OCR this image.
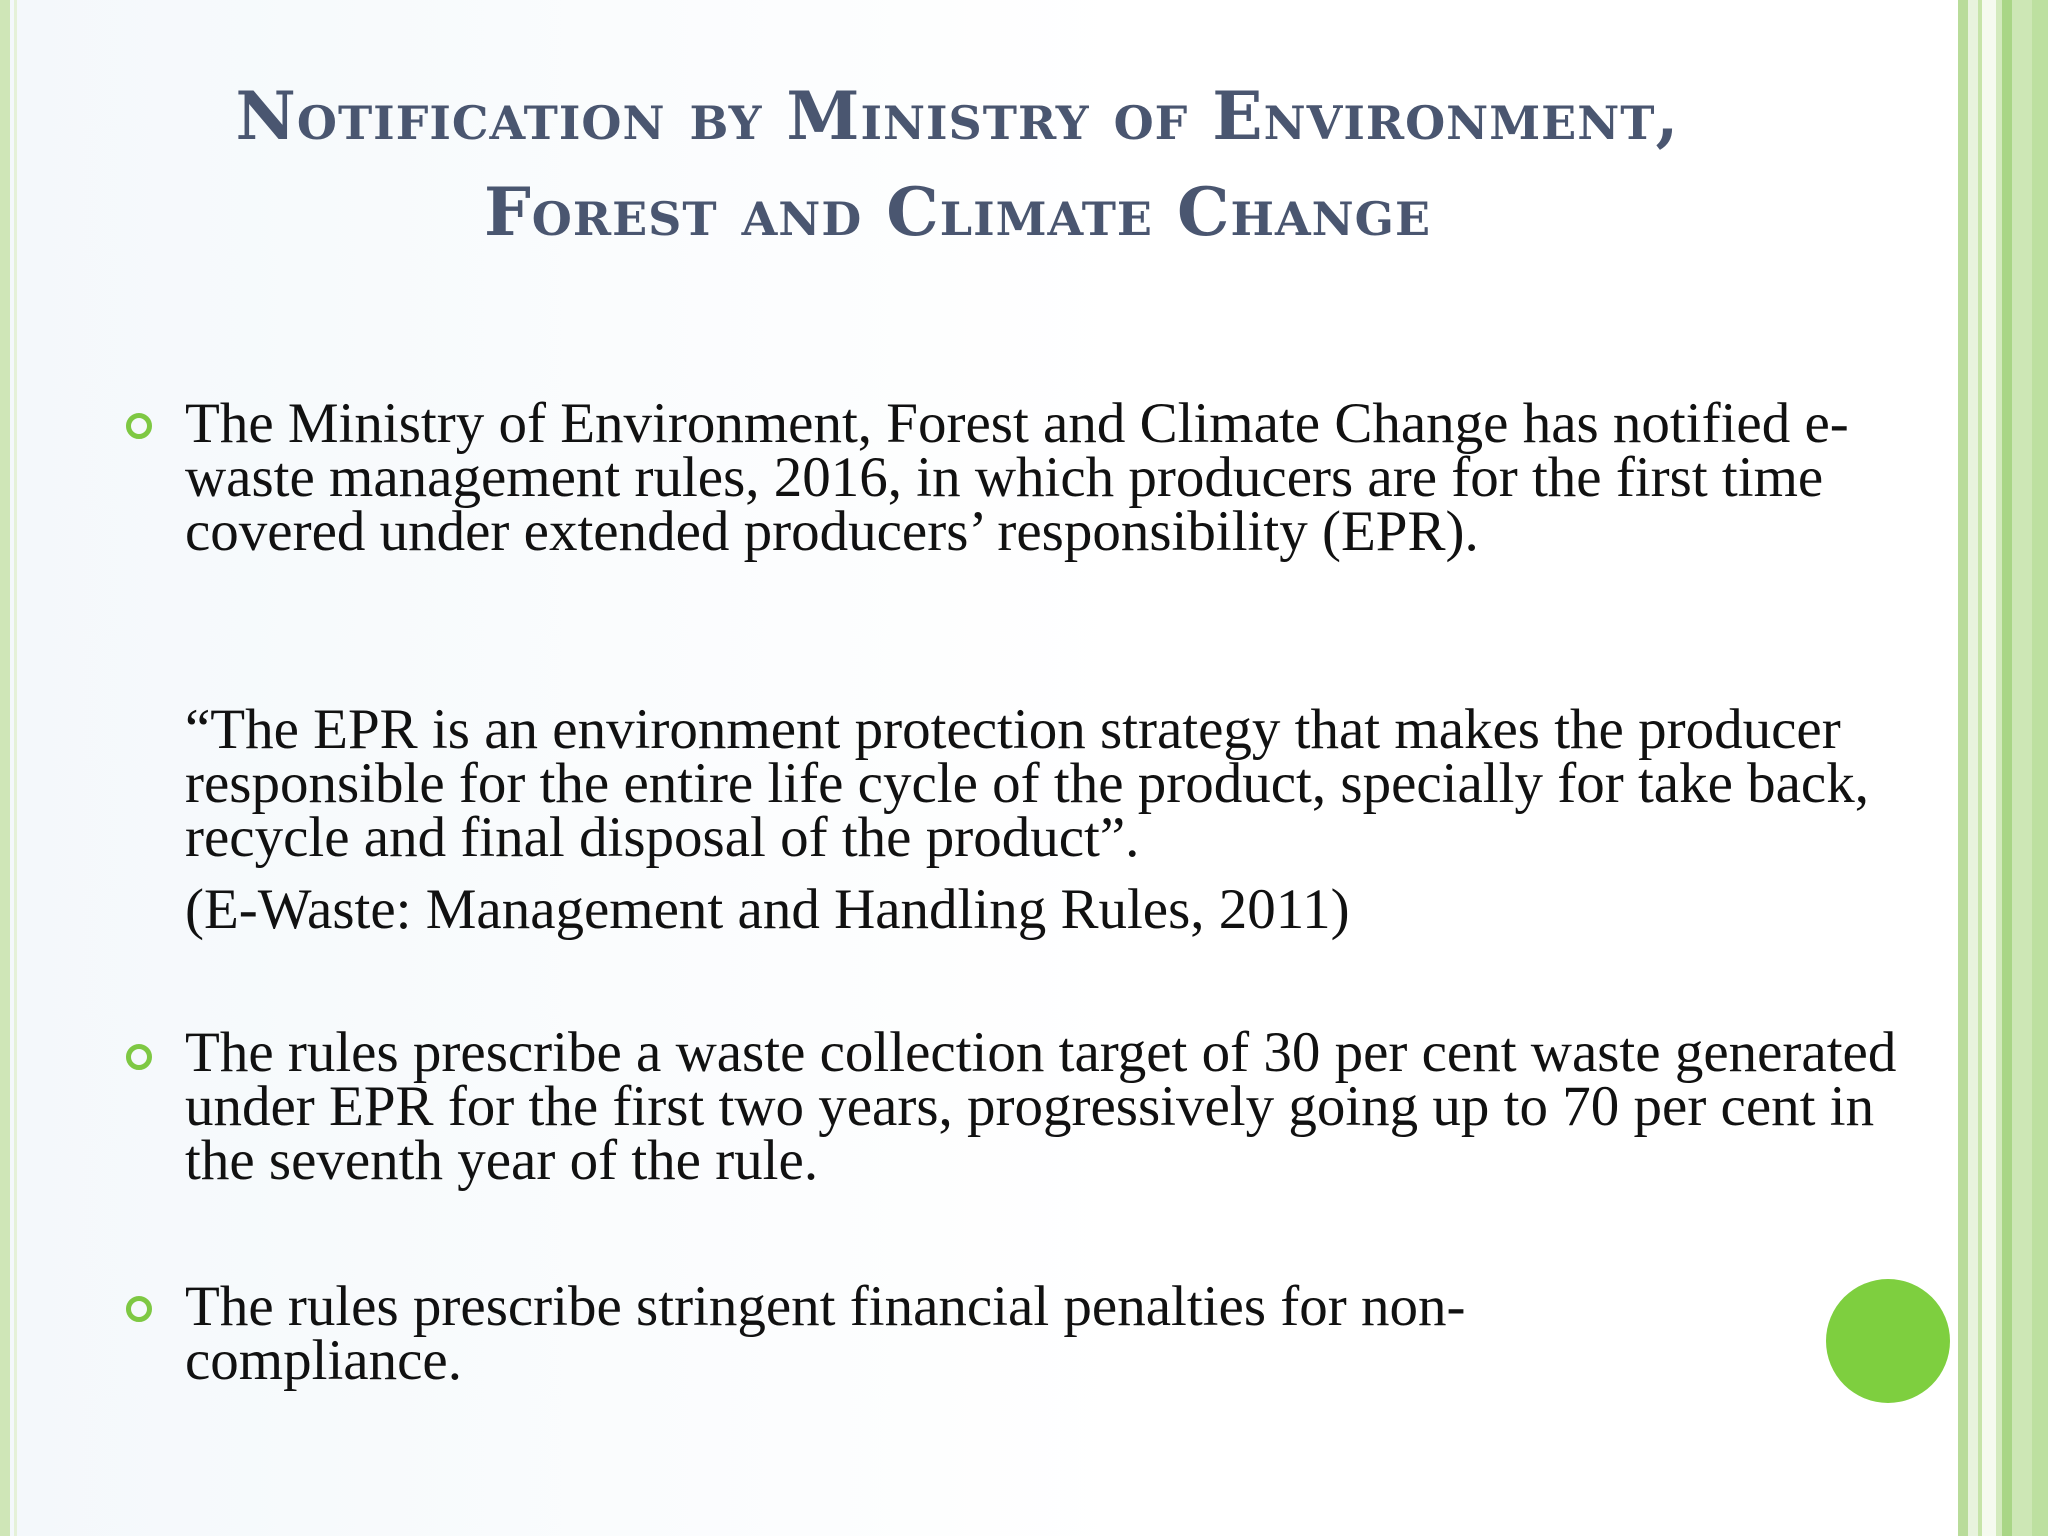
Notification by Ministry of Environment, Forest and Climate Change

The Ministry of Environment, Forest and Climate Change has notified e-waste management rules, 2016, in which producers are for the first time covered under extended producers’ responsibility (EPR).

“The EPR is an environment protection strategy that makes the producer responsible for the entire life cycle of the product, specially for take back, recycle and final disposal of the product”.

(E-Waste: Management and Handling Rules, 2011)

The rules prescribe a waste collection target of 30 per cent waste generated under EPR for the first two years, progressively going up to 70 per cent in the seventh year of the rule.

The rules prescribe stringent financial penalties for non-compliance.
